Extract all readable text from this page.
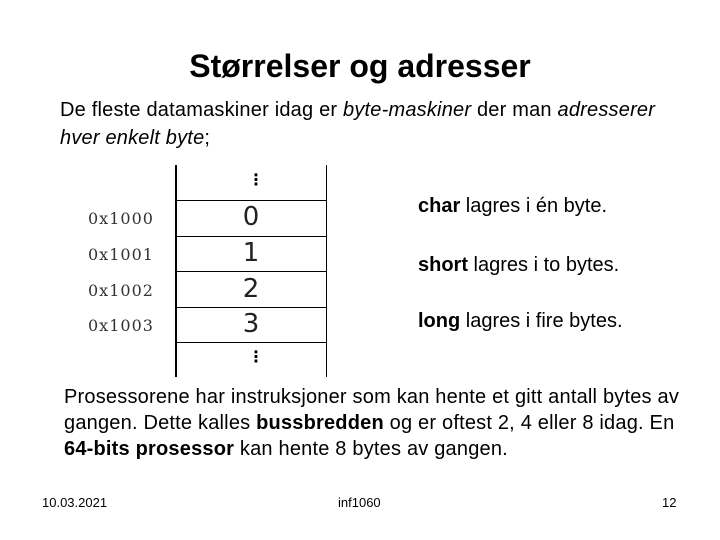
Størrelser og adresser
De fleste datamaskiner idag er byte-maskiner der man adresserer hver enkelt byte;
⋮
0x1000	0
0x1001	1
0x1002	2
0x1003	3
⋮
char lagres i én byte.
short lagres i to bytes.
long lagres i fire bytes.
Prosessorene har instruksjoner som kan hente et gitt antall bytes av gangen. Dette kalles bussbredden og er oftest 2, 4 eller 8 idag. En 64-bits prosessor kan hente 8 bytes av gangen.
10.03.2021	inf1060	12
